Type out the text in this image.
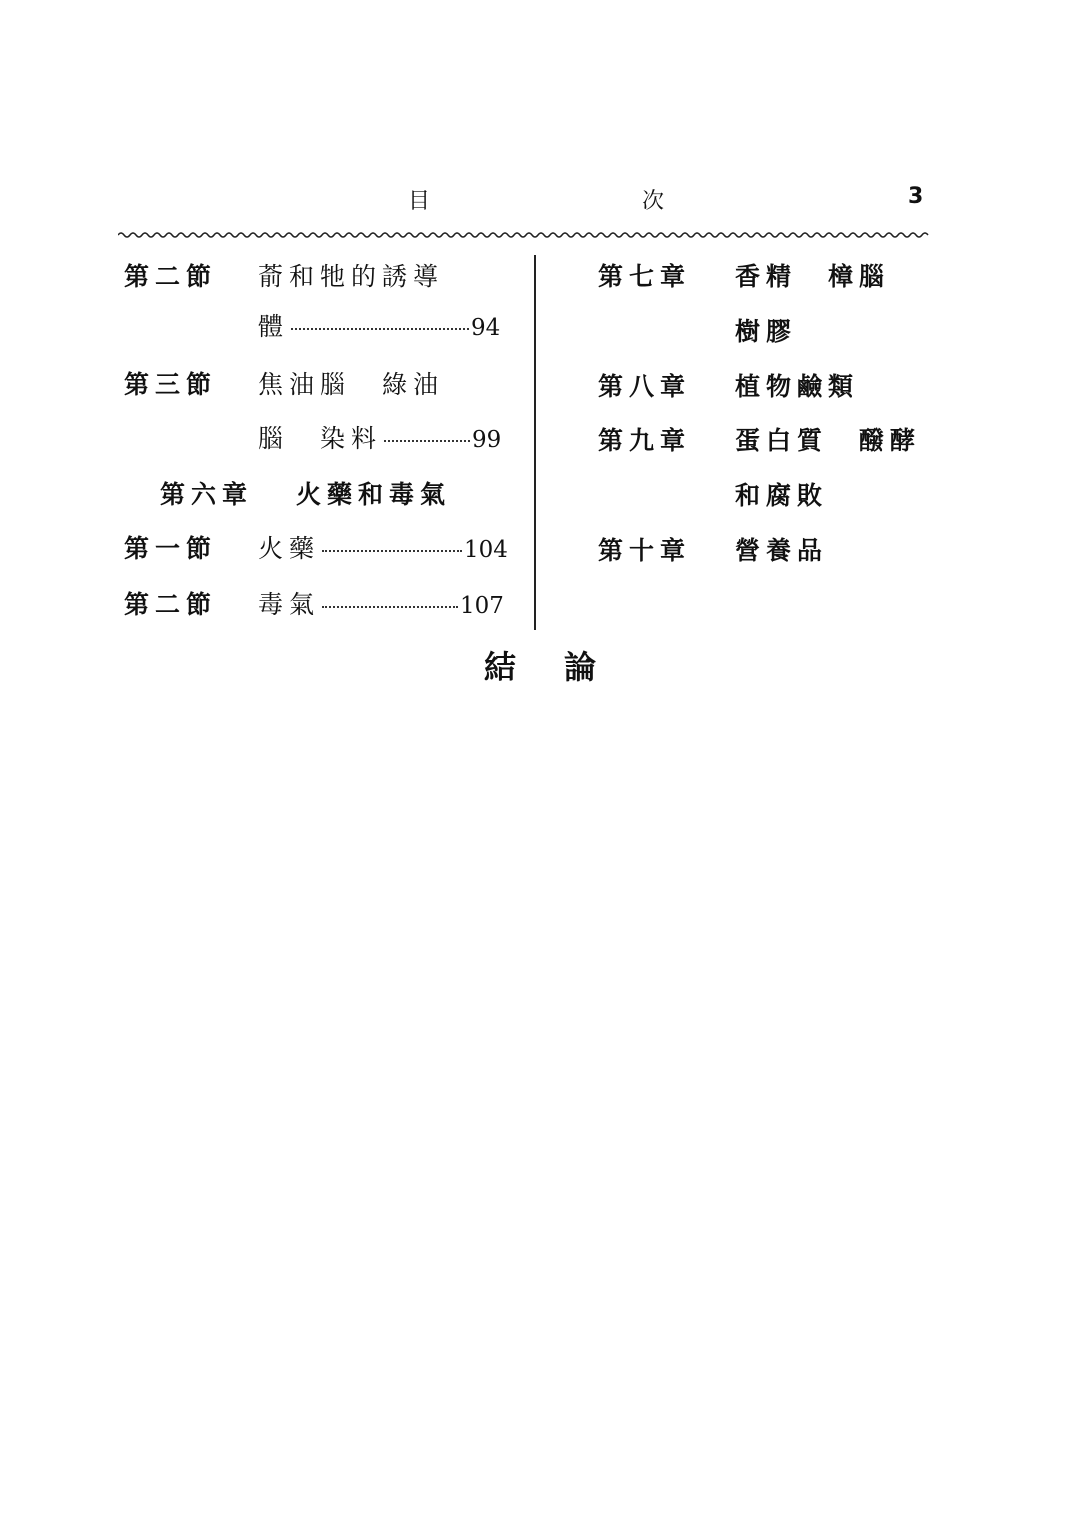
目	次	3
第二節 萮和牠的誘導
體	94
第三節 焦油腦　綠油
腦　染料	99
第六章 火藥和毒氣
第一節 火藥	104
第二節 毒氣	107
第七章 香精　樟腦
樹膠
第八章 植物鹼類
第九章 蛋白質　醱酵
和腐敗
第十章 營養品
結　論
